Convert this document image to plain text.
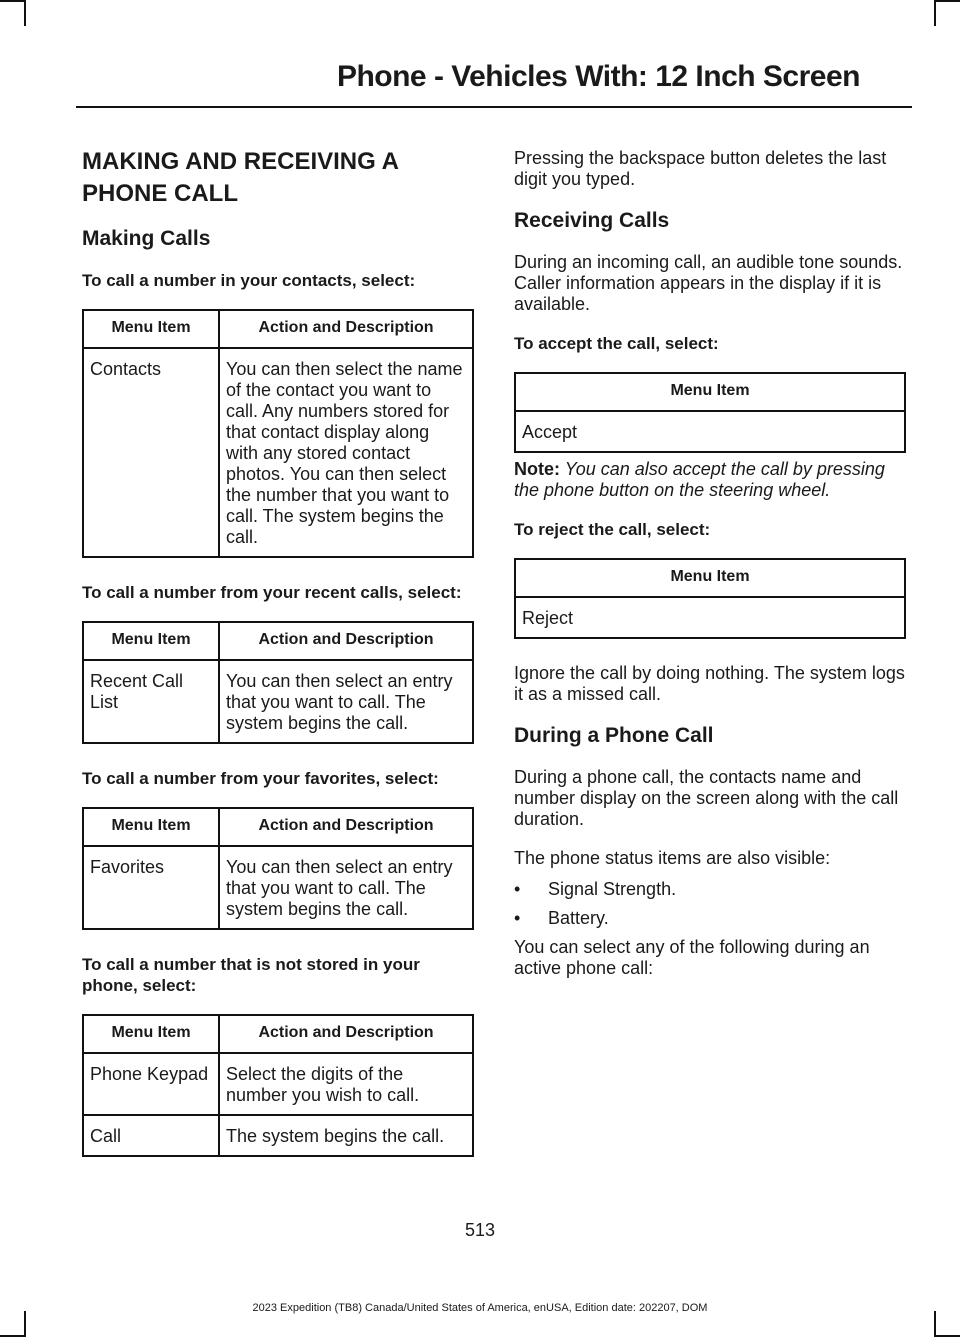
Phone - Vehicles With: 12 Inch Screen
MAKING AND RECEIVING A PHONE CALL
Making Calls
To call a number in your contacts, select:
Menu Item	Action and Description
Contacts	You can then select the name of the contact you want to call. Any numbers stored for that contact display along with any stored contact photos. You can then select the number that you want to call. The system begins the call.
To call a number from your recent calls, select:
Menu Item	Action and Description
Recent Call List	You can then select an entry that you want to call. The system begins the call.
To call a number from your favorites, select:
Menu Item	Action and Description
Favorites	You can then select an entry that you want to call. The system begins the call.
To call a number that is not stored in your phone, select:
Menu Item	Action and Description
Phone Keypad	Select the digits of the number you wish to call.
Call	The system begins the call.
Pressing the backspace button deletes the last digit you typed.
Receiving Calls
During an incoming call, an audible tone sounds. Caller information appears in the display if it is available.
To accept the call, select:
Menu Item
Accept
Note: You can also accept the call by pressing the phone button on the steering wheel.
To reject the call, select:
Menu Item
Reject
Ignore the call by doing nothing. The system logs it as a missed call.
During a Phone Call
During a phone call, the contacts name and number display on the screen along with the call duration.
The phone status items are also visible:
• Signal Strength.
• Battery.
You can select any of the following during an active phone call:
513
2023 Expedition (TB8) Canada/United States of America, enUSA, Edition date: 202207, DOM
